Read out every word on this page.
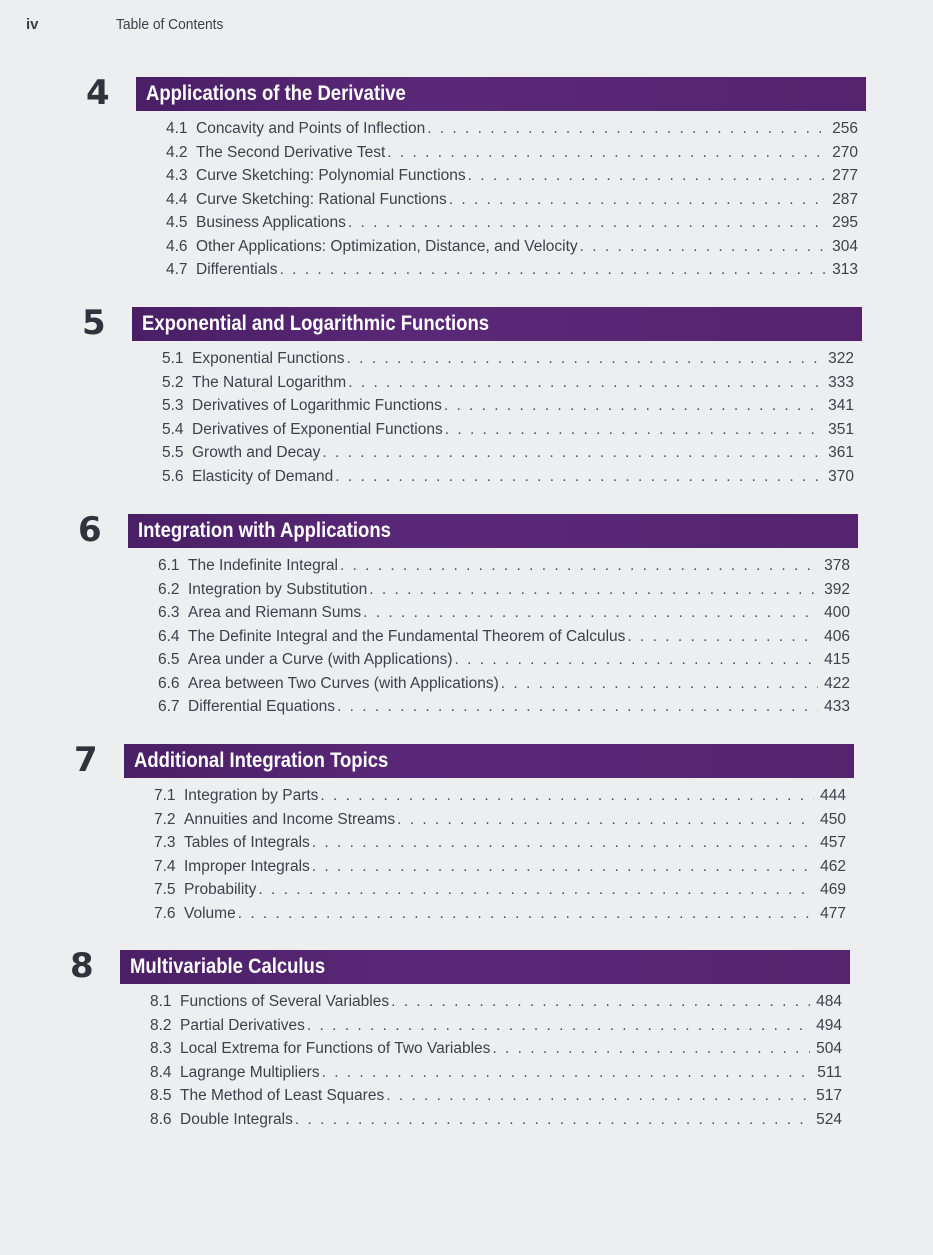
iv	Table of Contents
4 Applications of the Derivative
4.1 Concavity and Points of Inflection . . .	256
4.2 The Second Derivative Test . . .	270
4.3 Curve Sketching: Polynomial Functions . . .	277
4.4 Curve Sketching: Rational Functions . . .	287
4.5 Business Applications . . .	295
4.6 Other Applications: Optimization, Distance, and Velocity . . .	304
4.7 Differentials . . .	313
5 Exponential and Logarithmic Functions
5.1 Exponential Functions . . .	322
5.2 The Natural Logarithm . . .	333
5.3 Derivatives of Logarithmic Functions . . .	341
5.4 Derivatives of Exponential Functions . . .	351
5.5 Growth and Decay . . .	361
5.6 Elasticity of Demand . . .	370
6 Integration with Applications
6.1 The Indefinite Integral . . .	378
6.2 Integration by Substitution . . .	392
6.3 Area and Riemann Sums . . .	400
6.4 The Definite Integral and the Fundamental Theorem of Calculus . . .	406
6.5 Area under a Curve (with Applications) . . .	415
6.6 Area between Two Curves (with Applications) . . .	422
6.7 Differential Equations . . .	433
7 Additional Integration Topics
7.1 Integration by Parts . . .	444
7.2 Annuities and Income Streams . . .	450
7.3 Tables of Integrals . . .	457
7.4 Improper Integrals . . .	462
7.5 Probability . . .	469
7.6 Volume . . .	477
8 Multivariable Calculus
8.1 Functions of Several Variables . . .	484
8.2 Partial Derivatives . . .	494
8.3 Local Extrema for Functions of Two Variables . . .	504
8.4 Lagrange Multipliers . . .	511
8.5 The Method of Least Squares . . .	517
8.6 Double Integrals . . .	524
